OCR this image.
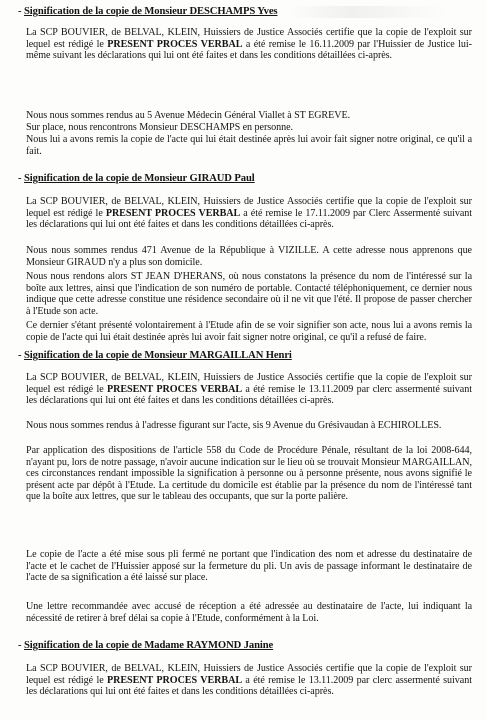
- Signification de la copie de Monsieur DESCHAMPS Yves
La SCP BOUVIER, de BELVAL, KLEIN, Huissiers de Justice Associés certifie que la copie de l'exploit sur lequel est rédigé le PRESENT PROCES VERBAL a été remise le 16.11.2009 par l'Huissier de Justice lui-même suivant les déclarations qui lui ont été faites et dans les conditions détaillées ci-après.
Nous nous sommes rendus au 5 Avenue Médecin Général Viallet à ST EGREVE.
Sur place, nous rencontrons Monsieur DESCHAMPS en personne.
Nous lui a avons remis la copie de l'acte qui lui était destinée après lui avoir fait signer notre original, ce qu'il a fait.
- Signification de la copie de Monsieur GIRAUD Paul
La SCP BOUVIER, de BELVAL, KLEIN, Huissiers de Justice Associés certifie que la copie de l'exploit sur lequel est rédigé le PRESENT PROCES VERBAL a été remise le 17.11.2009 par Clerc Assermenté suivant les déclarations qui lui ont été faites et dans les conditions détaillées ci-après.
Nous nous sommes rendus 471 Avenue de la République à VIZILLE. A cette adresse nous apprenons que Monsieur GIRAUD n'y a plus son domicile.
Nous nous rendons alors ST JEAN D'HERANS, où nous constatons la présence du nom de l'intéressé sur la boîte aux lettres, ainsi que l'indication de son numéro de portable. Contacté téléphoniquement, ce dernier nous indique que cette adresse constitue une résidence secondaire où il ne vit que l'été. Il propose de passer chercher à l'Etude son acte.
Ce dernier s'étant présenté volontairement à l'Etude afin de se voir signifier son acte, nous lui a avons remis la copie de l'acte qui lui était destinée après lui avoir fait signer notre original, ce qu'il a refusé de faire.
- Signification de la copie de Monsieur MARGAILLAN Henri
La SCP BOUVIER, de BELVAL, KLEIN, Huissiers de Justice Associés certifie que la copie de l'exploit sur lequel est rédigé le PRESENT PROCES VERBAL a été remise le 13.11.2009 par clerc assermenté suivant les déclarations qui lui ont été faites et dans les conditions détaillées ci-après.
Nous nous sommes rendus à l'adresse figurant sur l'acte, sis 9 Avenue du Grésivaudan à ECHIROLLES.
Par application des dispositions de l'article 558 du Code de Procédure Pénale, résultant de la loi 2008-644, n'ayant pu, lors de notre passage, n'avoir aucune indication sur le lieu où se trouvait Monsieur MARGAILLAN, ces circonstances rendant impossible la signification à personne ou à personne présente, nous avons signifié le présent acte par dépôt à l'Etude. La certitude du domicile est établie par la présence du nom de l'intéressé tant que la boîte aux lettres, que sur le tableau des occupants, que sur la porte palière.
Le copie de l'acte a été mise sous pli fermé ne portant que l'indication des nom et adresse du destinataire de l'acte et le cachet de l'Huissier apposé sur la fermeture du pli. Un avis de passage informant le destinataire de l'acte de sa signification a été laissé sur place.
Une lettre recommandée avec accusé de réception a été adressée au destinataire de l'acte, lui indiquant la nécessité de retirer à bref délai sa copie à l'Etude, conformément à la Loi.
- Signification de la copie de Madame RAYMOND Janine
La SCP BOUVIER, de BELVAL, KLEIN, Huissiers de Justice Associés certifie que la copie de l'exploit sur lequel est rédigé le PRESENT PROCES VERBAL a été remise le 13.11.2009 par clerc assermenté suivant les déclarations qui lui ont été faites et dans les conditions détaillées ci-après.
